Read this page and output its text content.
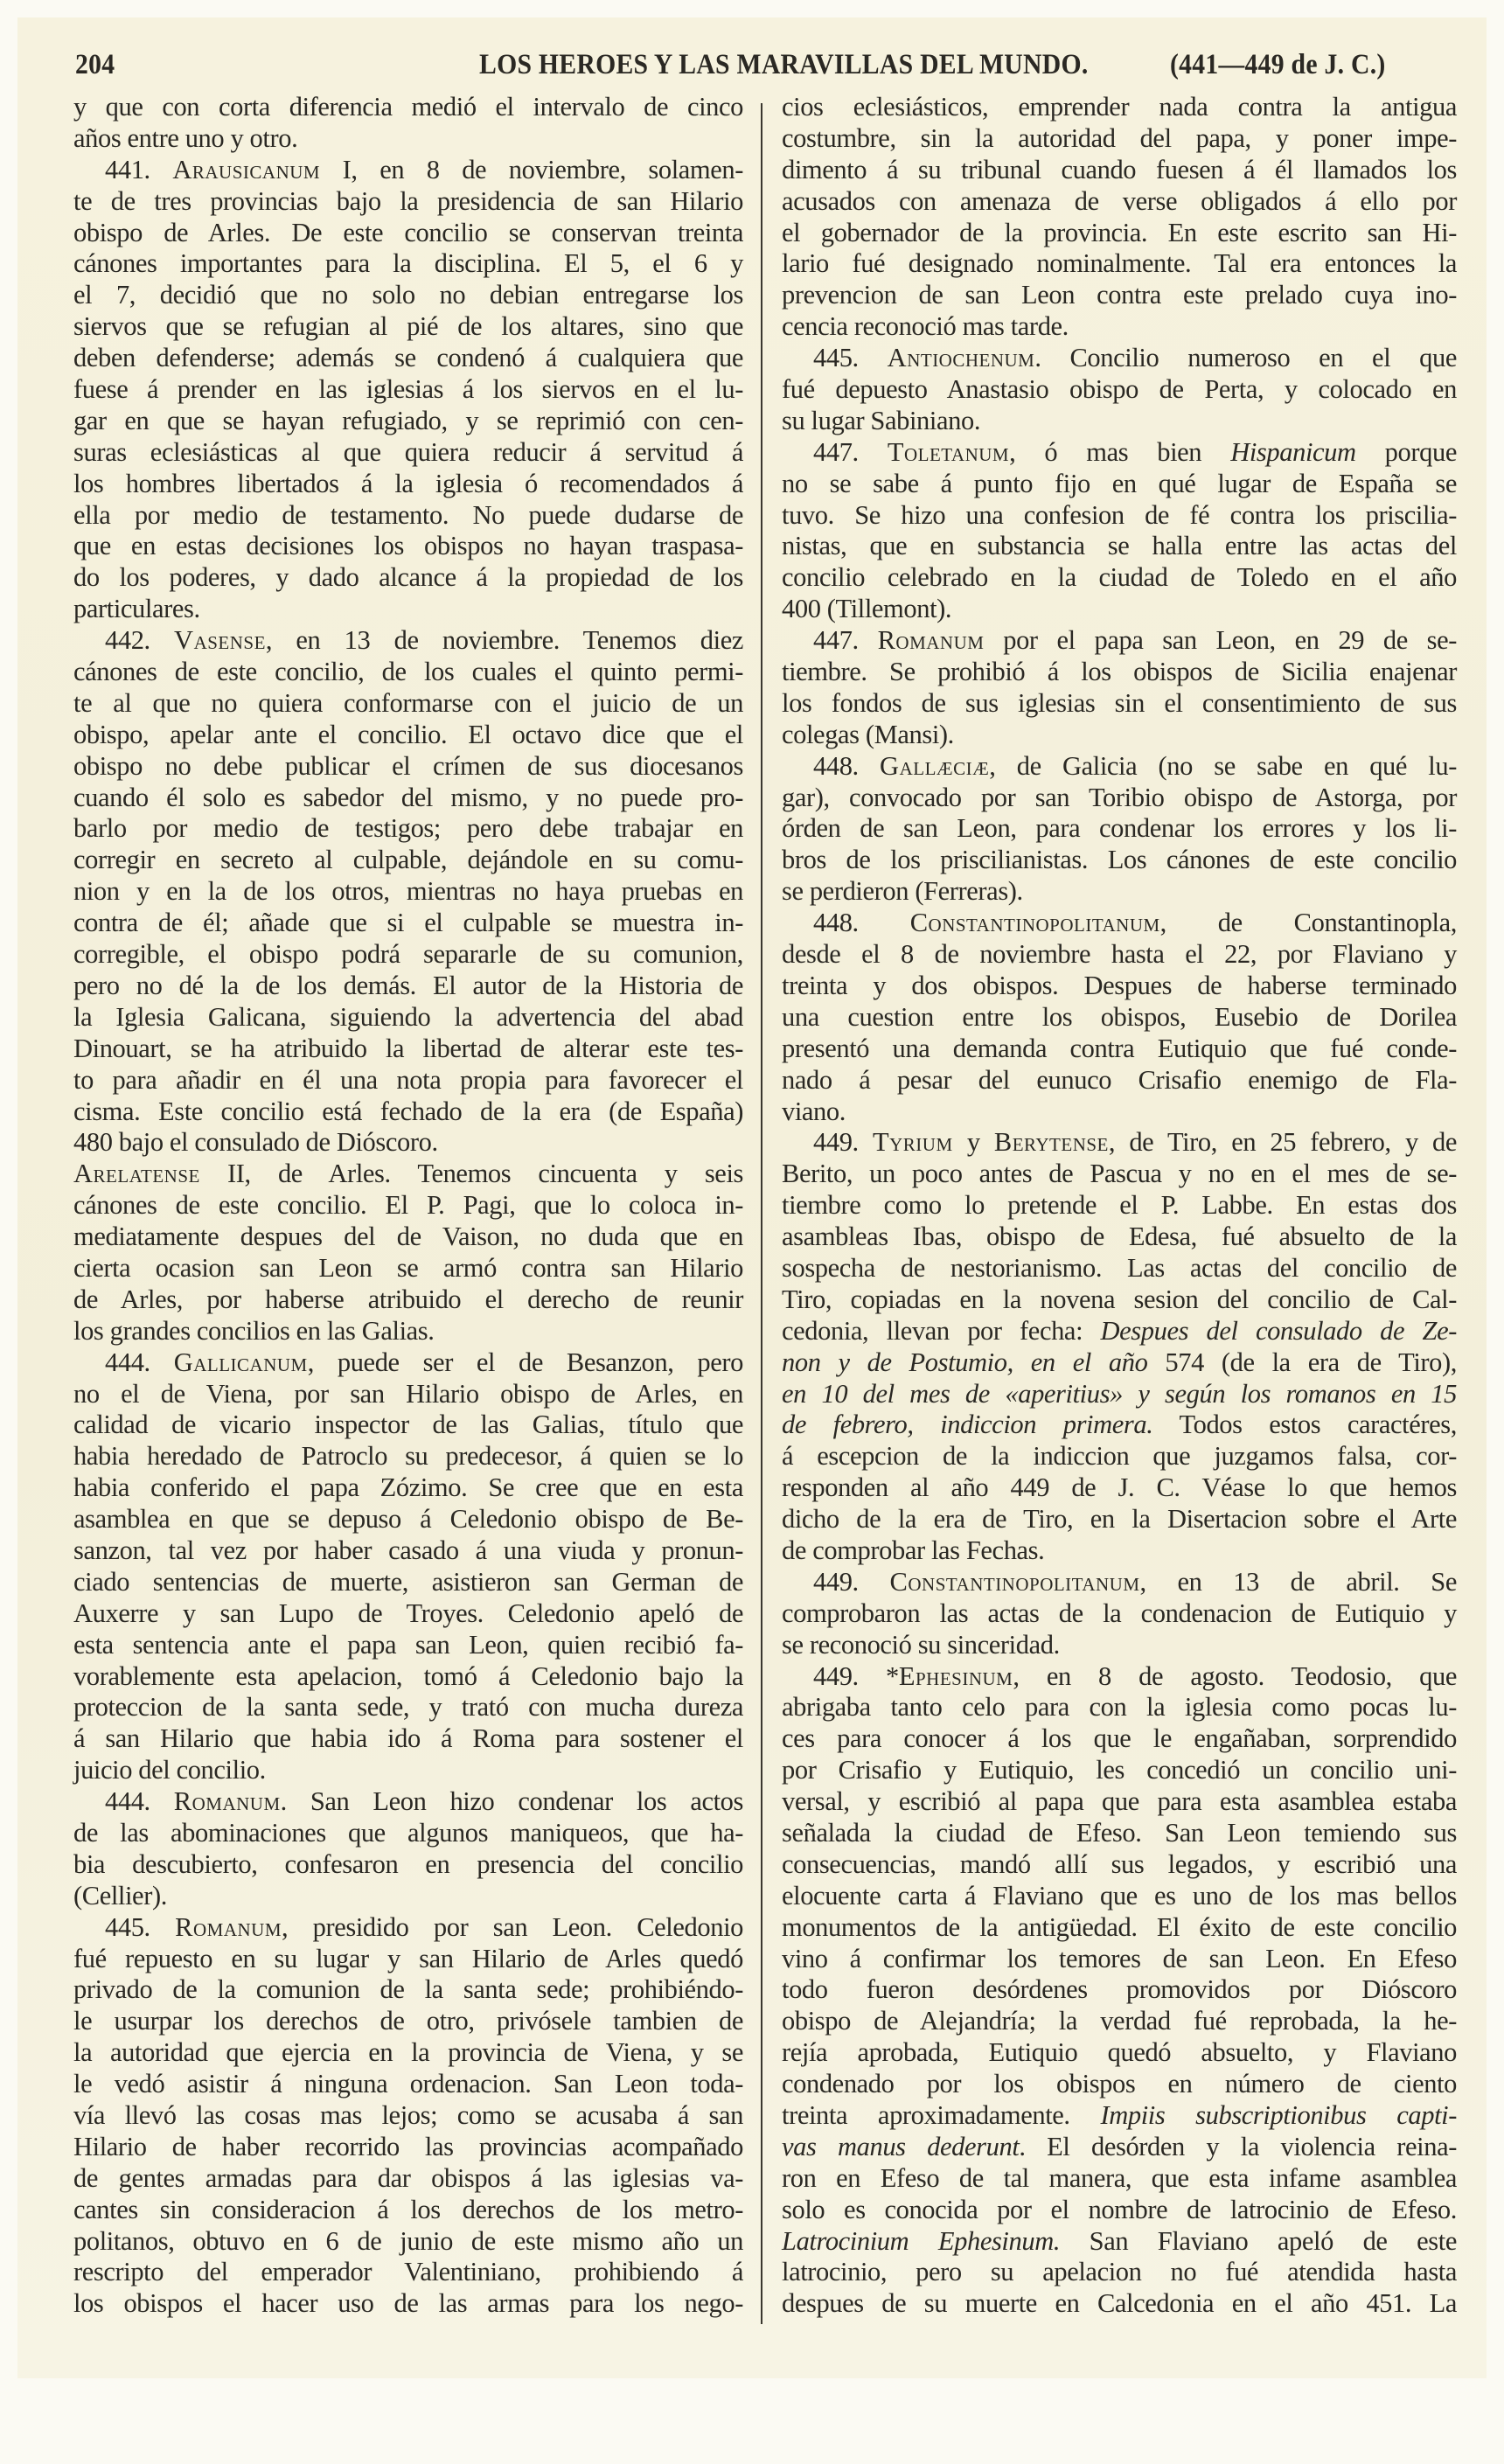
204	LOS HEROES Y LAS MARAVILLAS DEL MUNDO.	(441—449 de J. C.)
y que con corta diferencia medió el intervalo de cinco
años entre uno y otro.
441. Arausicanum I, en 8 de noviembre, solamen-
te de tres provincias bajo la presidencia de san Hilario
obispo de Arles. De este concilio se conservan treinta
cánones importantes para la disciplina. El 5, el 6 y
el 7, decidió que no solo no debian entregarse los
siervos que se refugian al pié de los altares, sino que
deben defenderse; además se condenó á cualquiera que
fuese á prender en las iglesias á los siervos en el lu-
gar en que se hayan refugiado, y se reprimió con cen-
suras eclesiásticas al que quiera reducir á servitud á
los hombres libertados á la iglesia ó recomendados á
ella por medio de testamento. No puede dudarse de
que en estas decisiones los obispos no hayan traspasa-
do los poderes, y dado alcance á la propiedad de los
particulares.
442. Vasense, en 13 de noviembre. Tenemos diez
cánones de este concilio, de los cuales el quinto permi-
te al que no quiera conformarse con el juicio de un
obispo, apelar ante el concilio. El octavo dice que el
obispo no debe publicar el crímen de sus diocesanos
cuando él solo es sabedor del mismo, y no puede pro-
barlo por medio de testigos; pero debe trabajar en
corregir en secreto al culpable, dejándole en su comu-
nion y en la de los otros, mientras no haya pruebas en
contra de él; añade que si el culpable se muestra in-
corregible, el obispo podrá separarle de su comunion,
pero no dé la de los demás. El autor de la Historia de
la Iglesia Galicana, siguiendo la advertencia del abad
Dinouart, se ha atribuido la libertad de alterar este tes-
to para añadir en él una nota propia para favorecer el
cisma. Este concilio está fechado de la era (de España)
480 bajo el consulado de Dióscoro.
Arelatense II, de Arles. Tenemos cincuenta y seis
cánones de este concilio. El P. Pagi, que lo coloca in-
mediatamente despues del de Vaison, no duda que en
cierta ocasion san Leon se armó contra san Hilario
de Arles, por haberse atribuido el derecho de reunir
los grandes concilios en las Galias.
444. Gallicanum, puede ser el de Besanzon, pero
no el de Viena, por san Hilario obispo de Arles, en
calidad de vicario inspector de las Galias, título que
habia heredado de Patroclo su predecesor, á quien se lo
habia conferido el papa Zózimo. Se cree que en esta
asamblea en que se depuso á Celedonio obispo de Be-
sanzon, tal vez por haber casado á una viuda y pronun-
ciado sentencias de muerte, asistieron san German de
Auxerre y san Lupo de Troyes. Celedonio apeló de
esta sentencia ante el papa san Leon, quien recibió fa-
vorablemente esta apelacion, tomó á Celedonio bajo la
proteccion de la santa sede, y trató con mucha dureza
á san Hilario que habia ido á Roma para sostener el
juicio del concilio.
444. Romanum. San Leon hizo condenar los actos
de las abominaciones que algunos maniqueos, que ha-
bia descubierto, confesaron en presencia del concilio
(Cellier).
445. Romanum, presidido por san Leon. Celedonio
fué repuesto en su lugar y san Hilario de Arles quedó
privado de la comunion de la santa sede; prohibiéndo-
le usurpar los derechos de otro, privósele tambien de
la autoridad que ejercia en la provincia de Viena, y se
le vedó asistir á ninguna ordenacion. San Leon toda-
vía llevó las cosas mas lejos; como se acusaba á san
Hilario de haber recorrido las provincias acompañado
de gentes armadas para dar obispos á las iglesias va-
cantes sin consideracion á los derechos de los metro-
politanos, obtuvo en 6 de junio de este mismo año un
rescripto del emperador Valentiniano, prohibiendo á
los obispos el hacer uso de las armas para los nego-
cios eclesiásticos, emprender nada contra la antigua
costumbre, sin la autoridad del papa, y poner impe-
dimento á su tribunal cuando fuesen á él llamados los
acusados con amenaza de verse obligados á ello por
el gobernador de la provincia. En este escrito san Hi-
lario fué designado nominalmente. Tal era entonces la
prevencion de san Leon contra este prelado cuya ino-
cencia reconoció mas tarde.
445. Antiochenum. Concilio numeroso en el que
fué depuesto Anastasio obispo de Perta, y colocado en
su lugar Sabiniano.
447. Toletanum, ó mas bien Hispanicum porque
no se sabe á punto fijo en qué lugar de España se
tuvo. Se hizo una confesion de fé contra los priscilia-
nistas, que en substancia se halla entre las actas del
concilio celebrado en la ciudad de Toledo en el año
400 (Tillemont).
447. Romanum por el papa san Leon, en 29 de se-
tiembre. Se prohibió á los obispos de Sicilia enajenar
los fondos de sus iglesias sin el consentimiento de sus
colegas (Mansi).
448. Gallæciæ, de Galicia (no se sabe en qué lu-
gar), convocado por san Toribio obispo de Astorga, por
órden de san Leon, para condenar los errores y los li-
bros de los priscilianistas. Los cánones de este concilio
se perdieron (Ferreras).
448. Constantinopolitanum, de Constantinopla,
desde el 8 de noviembre hasta el 22, por Flaviano y
treinta y dos obispos. Despues de haberse terminado
una cuestion entre los obispos, Eusebio de Dorilea
presentó una demanda contra Eutiquio que fué conde-
nado á pesar del eunuco Crisafio enemigo de Fla-
viano.
449. Tyrium y Berytense, de Tiro, en 25 febrero, y de
Berito, un poco antes de Pascua y no en el mes de se-
tiembre como lo pretende el P. Labbe. En estas dos
asambleas Ibas, obispo de Edesa, fué absuelto de la
sospecha de nestorianismo. Las actas del concilio de
Tiro, copiadas en la novena sesion del concilio de Cal-
cedonia, llevan por fecha: Despues del consulado de Ze-
non y de Postumio, en el año 574 (de la era de Tiro),
en 10 del mes de «aperitius» y según los romanos en 15
de febrero, indiccion primera. Todos estos caractéres,
á escepcion de la indiccion que juzgamos falsa, cor-
responden al año 449 de J. C. Véase lo que hemos
dicho de la era de Tiro, en la Disertacion sobre el Arte
de comprobar las Fechas.
449. Constantinopolitanum, en 13 de abril. Se
comprobaron las actas de la condenacion de Eutiquio y
se reconoció su sinceridad.
449. *Ephesinum, en 8 de agosto. Teodosio, que
abrigaba tanto celo para con la iglesia como pocas lu-
ces para conocer á los que le engañaban, sorprendido
por Crisafio y Eutiquio, les concedió un concilio uni-
versal, y escribió al papa que para esta asamblea estaba
señalada la ciudad de Efeso. San Leon temiendo sus
consecuencias, mandó allí sus legados, y escribió una
elocuente carta á Flaviano que es uno de los mas bellos
monumentos de la antigüedad. El éxito de este concilio
vino á confirmar los temores de san Leon. En Efeso
todo fueron desórdenes promovidos por Dióscoro
obispo de Alejandría; la verdad fué reprobada, la he-
rejía aprobada, Eutiquio quedó absuelto, y Flaviano
condenado por los obispos en número de ciento
treinta aproximadamente. Impiis subscriptionibus capti-
vas manus dederunt. El desórden y la violencia reina-
ron en Efeso de tal manera, que esta infame asamblea
solo es conocida por el nombre de latrocinio de Efeso.
Latrocinium Ephesinum. San Flaviano apeló de este
latrocinio, pero su apelacion no fué atendida hasta
despues de su muerte en Calcedonia en el año 451. La
